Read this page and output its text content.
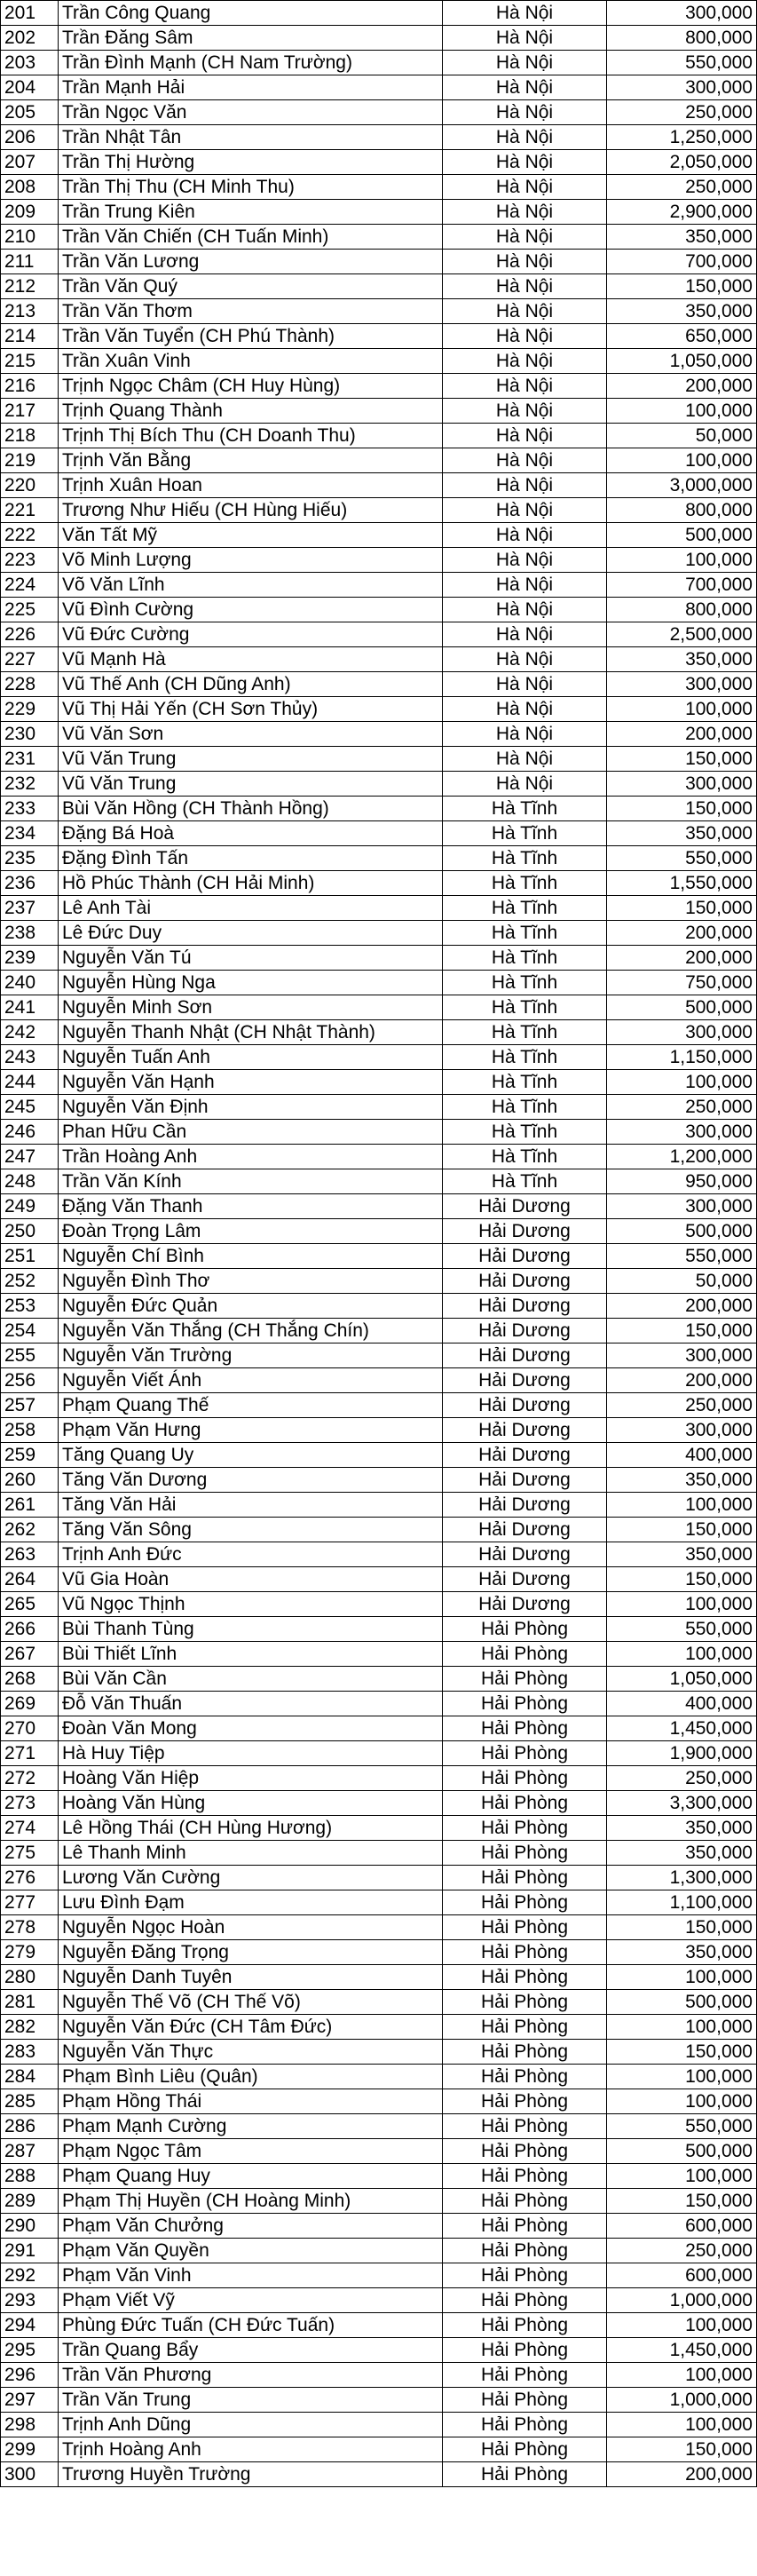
201	Trần Công Quang	Hà Nội	300,000
202	Trần Đăng Sâm	Hà Nội	800,000
203	Trần Đình Mạnh (CH Nam Trường)	Hà Nội	550,000
204	Trần Mạnh Hải	Hà Nội	300,000
205	Trần Ngọc Văn	Hà Nội	250,000
206	Trần Nhật Tân	Hà Nội	1,250,000
207	Trần Thị Hường	Hà Nội	2,050,000
208	Trần Thị Thu (CH Minh Thu)	Hà Nội	250,000
209	Trần Trung Kiên	Hà Nội	2,900,000
210	Trần Văn Chiến (CH Tuấn Minh)	Hà Nội	350,000
211	Trần Văn Lương	Hà Nội	700,000
212	Trần Văn Quý	Hà Nội	150,000
213	Trần Văn Thơm	Hà Nội	350,000
214	Trần Văn Tuyển (CH Phú Thành)	Hà Nội	650,000
215	Trần Xuân Vinh	Hà Nội	1,050,000
216	Trịnh Ngọc Châm (CH Huy Hùng)	Hà Nội	200,000
217	Trịnh Quang Thành	Hà Nội	100,000
218	Trịnh Thị Bích Thu (CH Doanh Thu)	Hà Nội	50,000
219	Trịnh Văn Bằng	Hà Nội	100,000
220	Trịnh Xuân Hoan	Hà Nội	3,000,000
221	Trương Như Hiếu (CH Hùng Hiếu)	Hà Nội	800,000
222	Văn Tất Mỹ	Hà Nội	500,000
223	Võ Minh Lượng	Hà Nội	100,000
224	Võ Văn Lĩnh	Hà Nội	700,000
225	Vũ Đình Cường	Hà Nội	800,000
226	Vũ Đức Cường	Hà Nội	2,500,000
227	Vũ Mạnh Hà	Hà Nội	350,000
228	Vũ Thế Anh (CH Dũng Anh)	Hà Nội	300,000
229	Vũ Thị Hải Yến (CH Sơn Thủy)	Hà Nội	100,000
230	Vũ Văn Sơn	Hà Nội	200,000
231	Vũ Văn Trung	Hà Nội	150,000
232	Vũ Văn Trung	Hà Nội	300,000
233	Bùi Văn Hồng (CH Thành Hồng)	Hà Tĩnh	150,000
234	Đặng Bá Hoà	Hà Tĩnh	350,000
235	Đặng Đình Tấn	Hà Tĩnh	550,000
236	Hồ Phúc Thành (CH Hải Minh)	Hà Tĩnh	1,550,000
237	Lê Anh Tài	Hà Tĩnh	150,000
238	Lê Đức Duy	Hà Tĩnh	200,000
239	Nguyễn Văn Tú	Hà Tĩnh	200,000
240	Nguyễn Hùng Nga	Hà Tĩnh	750,000
241	Nguyễn Minh Sơn	Hà Tĩnh	500,000
242	Nguyễn Thanh Nhật (CH Nhật Thành)	Hà Tĩnh	300,000
243	Nguyễn Tuấn Anh	Hà Tĩnh	1,150,000
244	Nguyễn Văn Hạnh	Hà Tĩnh	100,000
245	Nguyễn Văn Định	Hà Tĩnh	250,000
246	Phan Hữu Cần	Hà Tĩnh	300,000
247	Trần Hoàng Anh	Hà Tĩnh	1,200,000
248	Trần Văn Kính	Hà Tĩnh	950,000
249	Đặng Văn Thanh	Hải Dương	300,000
250	Đoàn Trọng Lâm	Hải Dương	500,000
251	Nguyễn Chí Bình	Hải Dương	550,000
252	Nguyễn Đình Thơ	Hải Dương	50,000
253	Nguyễn Đức Quản	Hải Dương	200,000
254	Nguyễn Văn Thắng (CH Thắng Chín)	Hải Dương	150,000
255	Nguyễn Văn Trường	Hải Dương	300,000
256	Nguyễn Viết Ánh	Hải Dương	200,000
257	Phạm Quang Thế	Hải Dương	250,000
258	Phạm Văn Hưng	Hải Dương	300,000
259	Tăng Quang Uy	Hải Dương	400,000
260	Tăng Văn Dương	Hải Dương	350,000
261	Tăng Văn Hải	Hải Dương	100,000
262	Tăng Văn Sông	Hải Dương	150,000
263	Trịnh Anh Đức	Hải Dương	350,000
264	Vũ Gia Hoàn	Hải Dương	150,000
265	Vũ Ngọc Thịnh	Hải Dương	100,000
266	Bùi Thanh Tùng	Hải Phòng	550,000
267	Bùi Thiết Lĩnh	Hải Phòng	100,000
268	Bùi Văn Cần	Hải Phòng	1,050,000
269	Đỗ Văn Thuấn	Hải Phòng	400,000
270	Đoàn Văn Mong	Hải Phòng	1,450,000
271	Hà Huy Tiệp	Hải Phòng	1,900,000
272	Hoàng Văn Hiệp	Hải Phòng	250,000
273	Hoàng Văn Hùng	Hải Phòng	3,300,000
274	Lê Hồng Thái (CH Hùng Hương)	Hải Phòng	350,000
275	Lê Thanh Minh	Hải Phòng	350,000
276	Lương Văn Cường	Hải Phòng	1,300,000
277	Lưu Đình Đạm	Hải Phòng	1,100,000
278	Nguyễn Ngọc Hoàn	Hải Phòng	150,000
279	Nguyễn Đăng Trọng	Hải Phòng	350,000
280	Nguyễn Danh Tuyên	Hải Phòng	100,000
281	Nguyễn Thế Võ (CH Thế Võ)	Hải Phòng	500,000
282	Nguyễn Văn Đức (CH Tâm Đức)	Hải Phòng	100,000
283	Nguyễn Văn Thực	Hải Phòng	150,000
284	Phạm Bình Liêu (Quân)	Hải Phòng	100,000
285	Phạm Hồng Thái	Hải Phòng	100,000
286	Phạm Mạnh Cường	Hải Phòng	550,000
287	Phạm Ngọc Tâm	Hải Phòng	500,000
288	Phạm Quang Huy	Hải Phòng	100,000
289	Phạm Thị Huyền (CH Hoàng Minh)	Hải Phòng	150,000
290	Phạm Văn Chưởng	Hải Phòng	600,000
291	Phạm Văn Quyền	Hải Phòng	250,000
292	Phạm Văn Vinh	Hải Phòng	600,000
293	Phạm Viết Vỹ	Hải Phòng	1,000,000
294	Phùng Đức Tuấn (CH Đức Tuấn)	Hải Phòng	100,000
295	Trần Quang Bẩy	Hải Phòng	1,450,000
296	Trần Văn Phương	Hải Phòng	100,000
297	Trần Văn Trung	Hải Phòng	1,000,000
298	Trịnh Anh Dũng	Hải Phòng	100,000
299	Trịnh Hoàng Anh	Hải Phòng	150,000
300	Trương Huyền Trường	Hải Phòng	200,000
